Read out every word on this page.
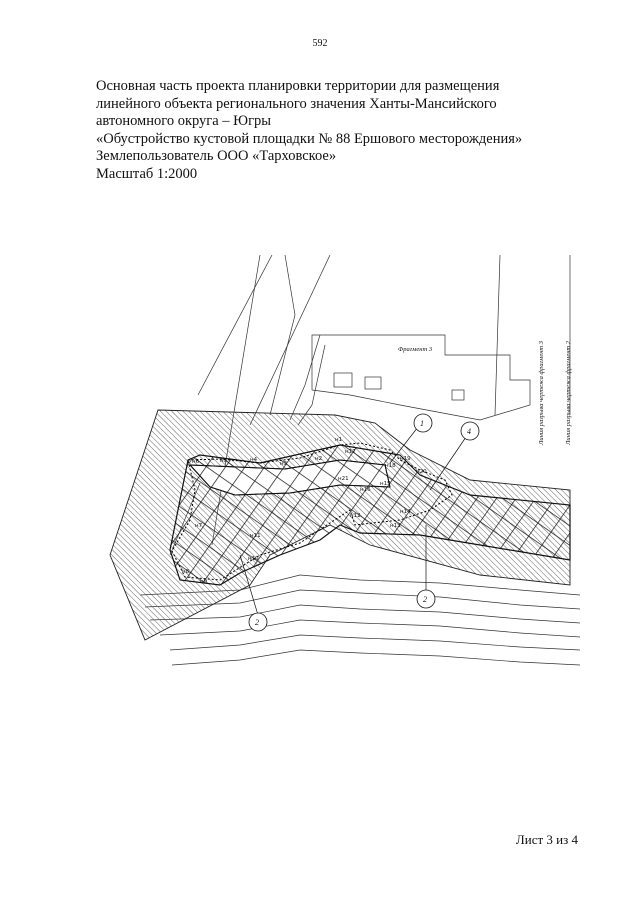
592
Основная часть проекта планировки территории для размещения
линейного объекта регионального значения Ханты-Мансийского
автономного округа – Югры
«Обустройство кустовой площадки № 88 Ершового месторождения»
Землепользователь ООО «Тарховское»
Масштаб 1:2000
н1
н2
н3
н4
н5
н6
н7
н8
н9
н10
н11
н12
н13
н14
н15
н16
н17
н18
н19
н20
н21
Фрагмент 3	Линия разрыва чертежа фрагмент 3	Линия разрыва чертежа фрагмент 2
1
4
2
2
Лист 3 из 4
